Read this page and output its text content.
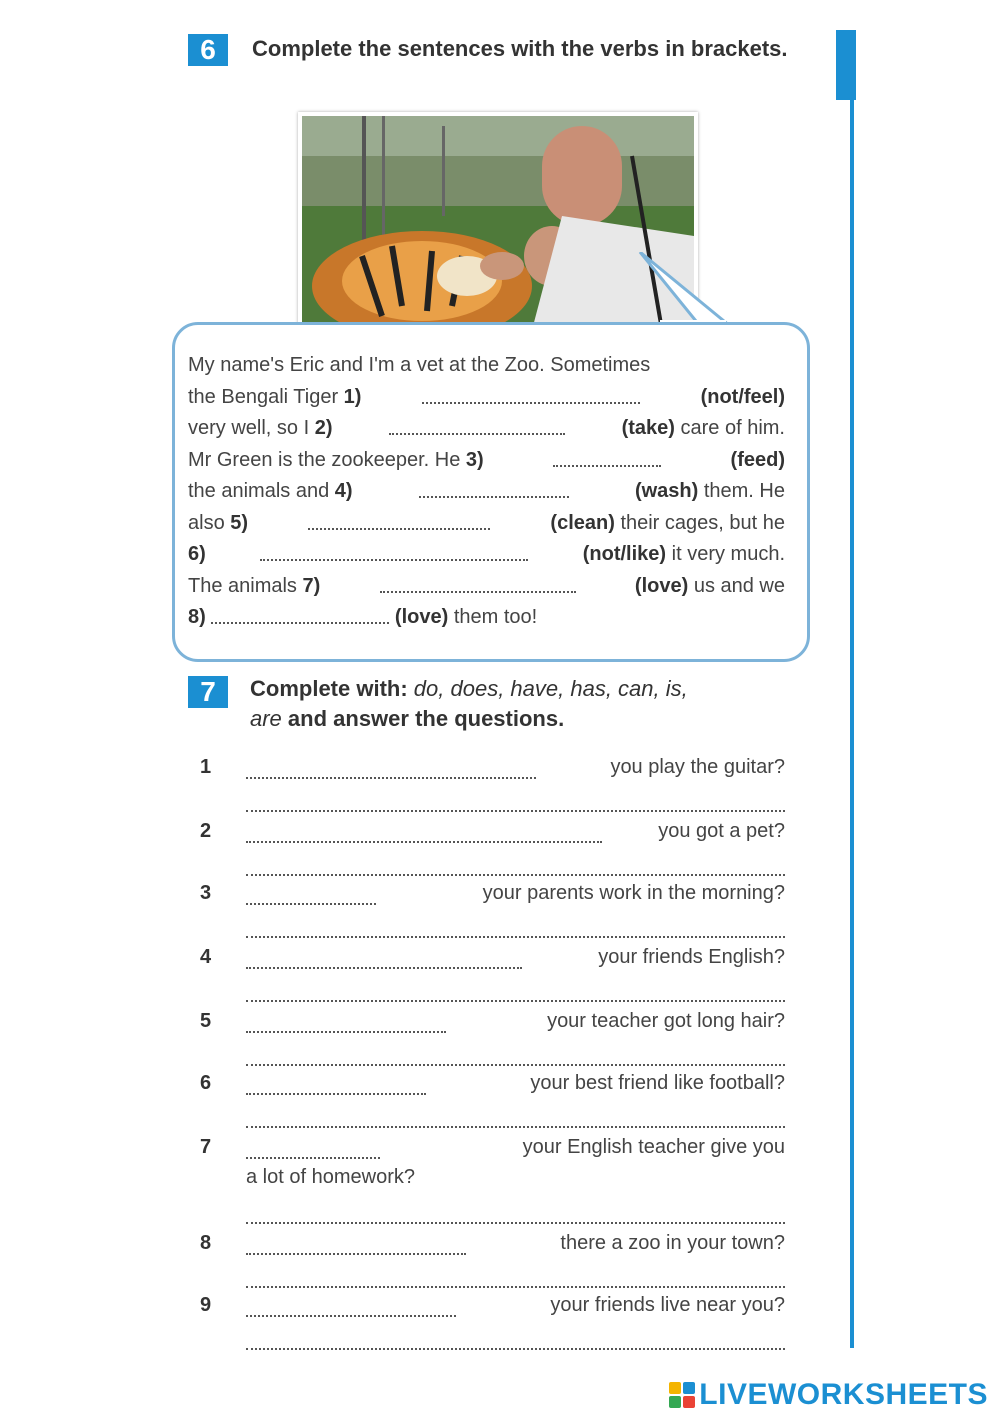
6	Complete the sentences with the verbs in brackets.
My name's Eric and I'm a vet at the Zoo. Sometimes
the Bengali Tiger 1)	(not/feel)
very well, so I 2)	(take) care of him.
Mr Green is the zookeeper. He 3)	(feed)
the animals and 4)	(wash) them. He
also 5)	(clean) their cages, but he
6)	(not/like) it very much.
The animals 7)	(love) us and we
8)

	(love) them too!
7	Complete with: do, does, have, has, can, is,
are and answer the questions.
1	you play the guitar?
2	you got a pet?
3	your parents work in the morning?
4	your friends English?
5	your teacher got long hair?
6	your best friend like football?
7	your English teacher give you
a lot of homework?
8	there a zoo in your town?
9	your friends live near you?
LIVEWORKSHEETS
